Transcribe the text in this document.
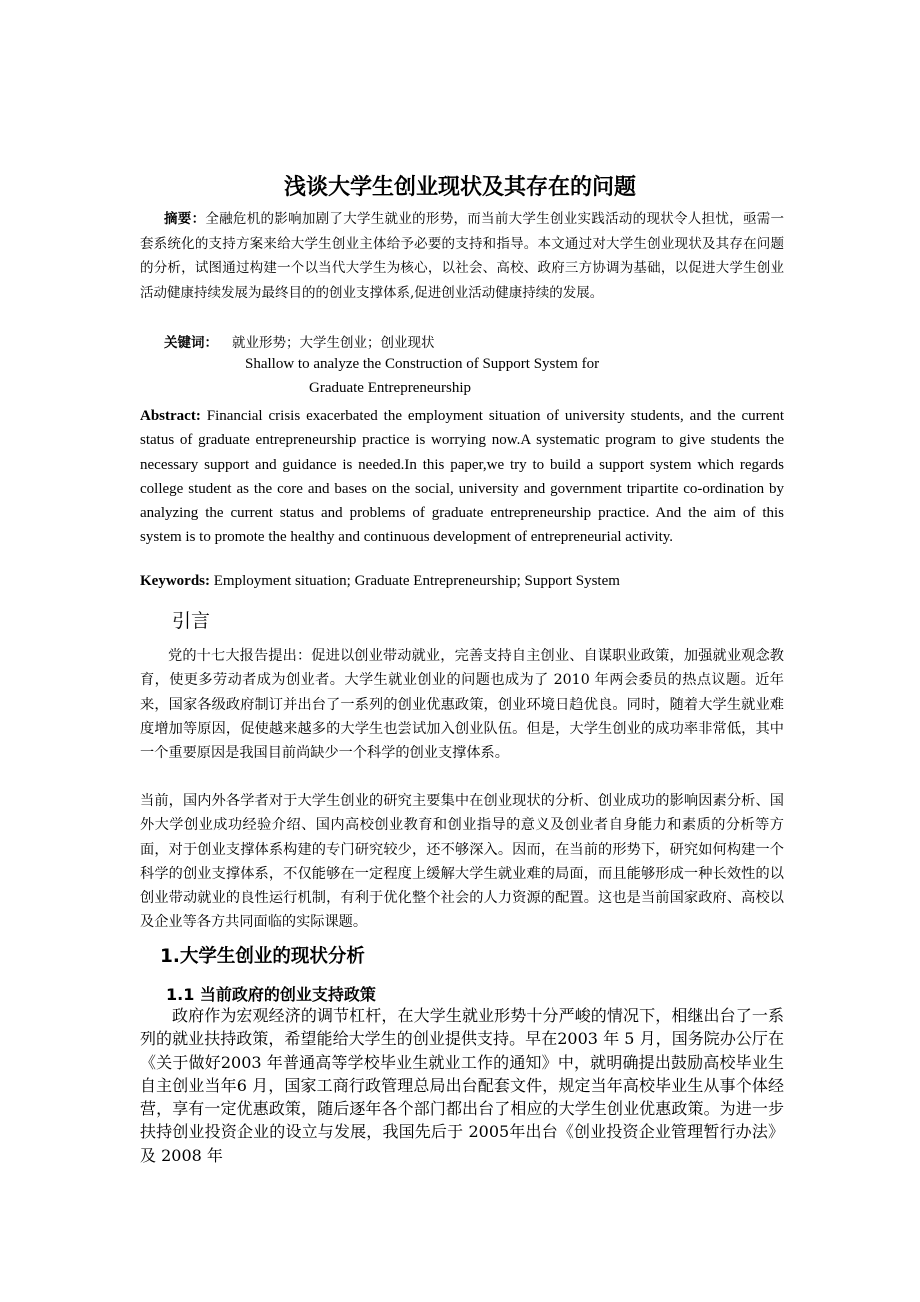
浅谈大学生创业现状及其存在的问题

摘要：全融危机的影响加剧了大学生就业的形势，而当前大学生创业实践活动的现状令人担忧，亟需一套系统化的支持方案来给大学生创业主体给予必要的支持和指导。本文通过对大学生创业现状及其存在问题的分析，试图通过构建一个以当代大学生为核心，以社会、高校、政府三方协调为基础，以促进大学生创业活动健康持续发展为最终目的的创业支撑体系,促进创业活动健康持续的发展。

关键词： 就业形势；大学生创业；创业现状
Shallow to analyze the Construction of Support System for
Graduate Entrepreneurship

Abstract: Financial crisis exacerbated the employment situation of university students, and the current status of graduate entrepreneurship practice is worrying now.A systematic program to give students the necessary support and guidance is needed.In this paper,we try to build a support system which regards college student as the core and bases on the social, university and government tripartite co-ordination by analyzing the current status and problems of graduate entrepreneurship practice. And the aim of this system is to promote the healthy and continuous development of entrepreneurial activity.

Keywords: Employment situation; Graduate Entrepreneurship; Support System
引言

党的十七大报告提出：促进以创业带动就业，完善支持自主创业、自谋职业政策，加强就业观念教育，使更多劳动者成为创业者。大学生就业创业的问题也成为了 2010 年两会委员的热点议题。近年来，国家各级政府制订并出台了一系列的创业优惠政策，创业环境日趋优良。同时，随着大学生就业难度增加等原因，促使越来越多的大学生也尝试加入创业队伍。但是，大学生创业的成功率非常低，其中一个重要原因是我国目前尚缺少一个科学的创业支撑体系。

当前，国内外各学者对于大学生创业的研究主要集中在创业现状的分析、创业成功的影响因素分析、国外大学创业成功经验介绍、国内高校创业教育和创业指导的意义及创业者自身能力和素质的分析等方面，对于创业支撑体系构建的专门研究较少，还不够深入。因而，在当前的形势下，研究如何构建一个科学的创业支撑体系，不仅能够在一定程度上缓解大学生就业难的局面，而且能够形成一种长效性的以创业带动就业的良性运行机制，有利于优化整个社会的人力资源的配置。这也是当前国家政府、高校以及企业等各方共同面临的实际课题。

1.大学生创业的现状分析
1.1 当前政府的创业支持政策

政府作为宏观经济的调节杠杆，在大学生就业形势十分严峻的情况下，相继出台了一系列的就业扶持政策，希望能给大学生的创业提供支持。早在2003 年 5 月，国务院办公厅在《关于做好2003 年普通高等学校毕业生就业工作的通知》中，就明确提出鼓励高校毕业生自主创业当年6 月，国家工商行政管理总局出台配套文件，规定当年高校毕业生从事个体经营，享有一定优惠政策，随后逐年各个部门都出台了相应的大学生创业优惠政策。为进一步扶持创业投资企业的设立与发展，我国先后于 2005年出台《创业投资企业管理暂行办法》及 2008 年
